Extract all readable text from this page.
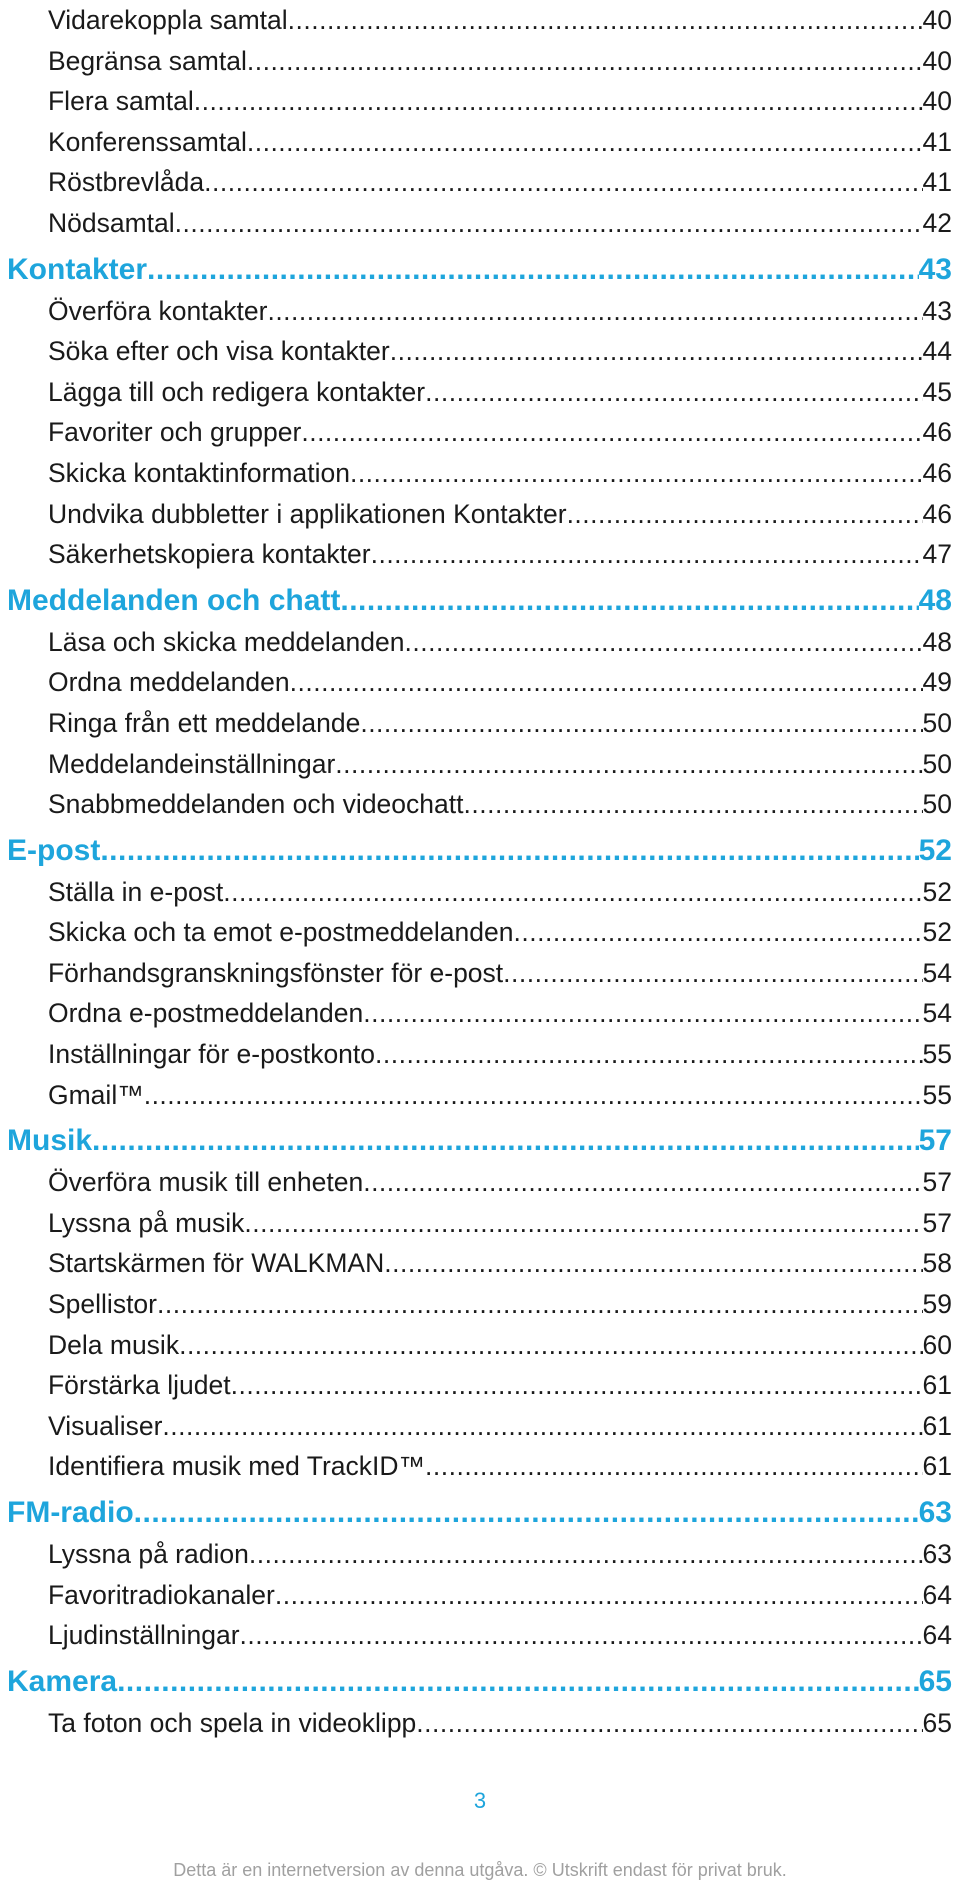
Vidarekoppla samtal .....	40
Begränsa samtal .....	40
Flera samtal .....	40
Konferenssamtal .....	41
Röstbrevlåda .....	41
Nödsamtal .....	42
Kontakter .....	43
Överföra kontakter .....	43
Söka efter och visa kontakter .....	44
Lägga till och redigera kontakter .....	45
Favoriter och grupper .....	46
Skicka kontaktinformation .....	46
Undvika dubbletter i applikationen Kontakter .....	46
Säkerhetskopiera kontakter .....	47
Meddelanden och chatt .....	48
Läsa och skicka meddelanden .....	48
Ordna meddelanden .....	49
Ringa från ett meddelande .....	50
Meddelandeinställningar .....	50
Snabbmeddelanden och videochatt .....	50
E-post .....	52
Ställa in e-post .....	52
Skicka och ta emot e-postmeddelanden .....	52
Förhandsgranskningsfönster för e-post .....	54
Ordna e-postmeddelanden .....	54
Inställningar för e-postkonto .....	55
Gmail™ .....	55
Musik .....	57
Överföra musik till enheten .....	57
Lyssna på musik .....	57
Startskärmen för WALKMAN .....	58
Spellistor .....	59
Dela musik .....	60
Förstärka ljudet .....	61
Visualiser .....	61
Identifiera musik med TrackID™ .....	61
FM-radio .....	63
Lyssna på radion .....	63
Favoritradiokanaler .....	64
Ljudinställningar .....	64
Kamera .....	65
Ta foton och spela in videoklipp .....	65
3
Detta är en internetversion av denna utgåva. © Utskrift endast för privat bruk.
